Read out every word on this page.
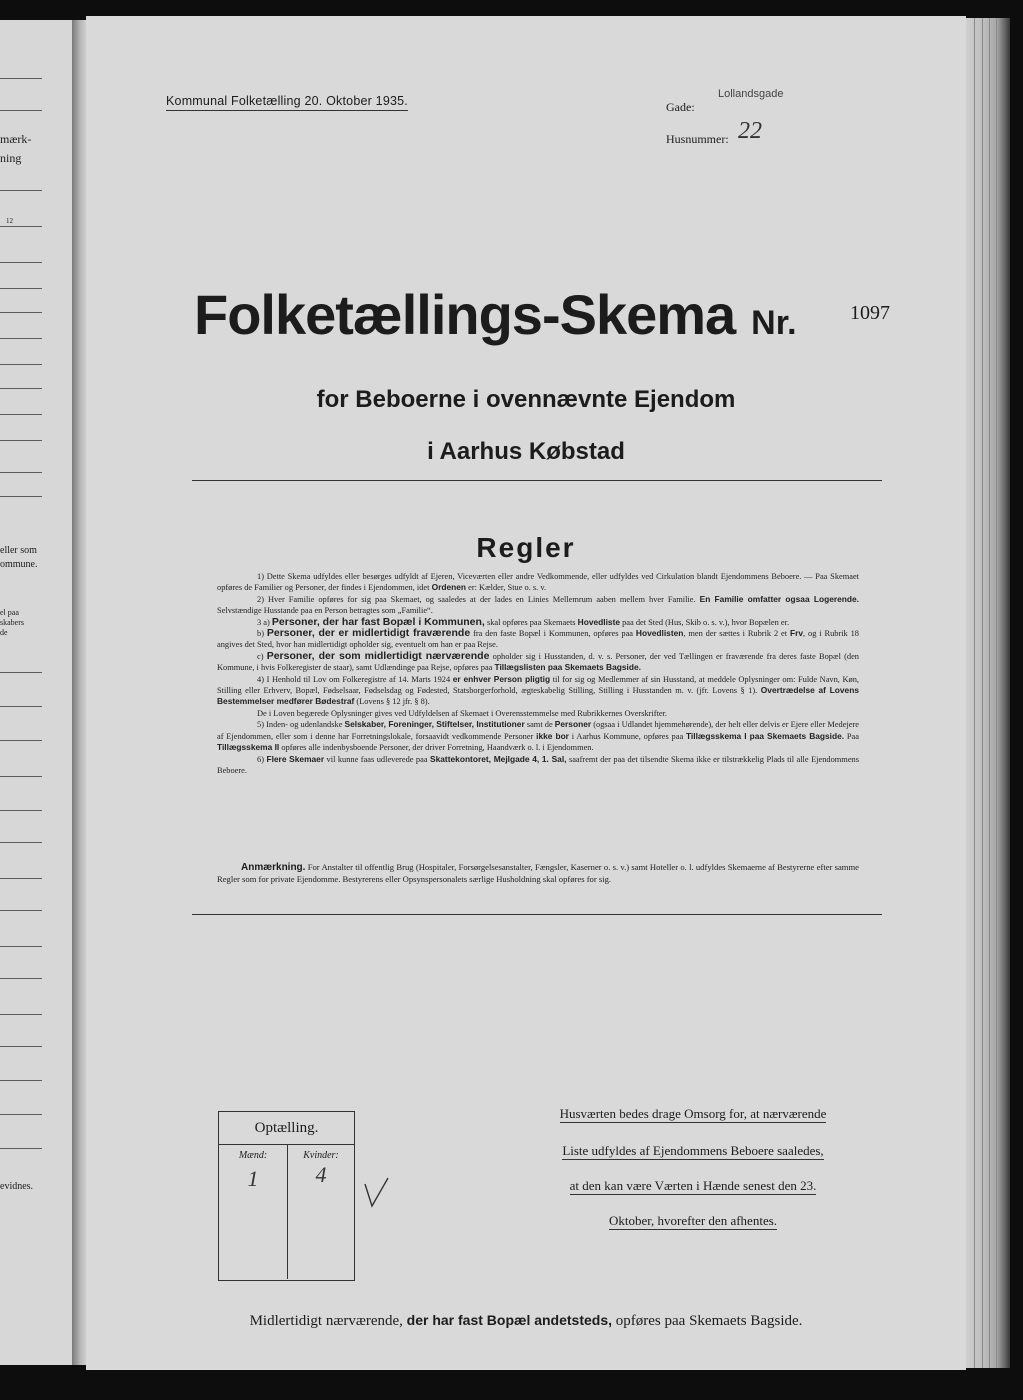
mærk-
ning
12
eller som
ommune.
el paa
skabers
de
evidnes.
Kommunal Folketælling 20. Oktober 1935.	Gade:
Lollandsgade
Husnummer: 22
Folketællings-Skema Nr.	1097
for Beboerne i ovennævnte Ejendom
i Aarhus Købstad
Regler

1) Dette Skema udfyldes eller besørges udfyldt af Ejeren, Viceværten eller andre Vedkommende, eller udfyldes ved Cirkulation blandt Ejendommens Beboere. — Paa Skemaet opføres de Familier og Personer, der findes i Ejendommen, idet Ordenen er: Kælder, Stue o. s. v.

2) Hver Familie opføres for sig paa Skemaet, og saaledes at der lades en Linies Mellemrum aaben mellem hver Familie. En Familie omfatter ogsaa Logerende. Selvstændige Husstande paa en Person betragtes som „Familie“.

3 a) Personer, der har fast Bopæl i Kommunen, skal opføres paa Skemaets Hovedliste paa det Sted (Hus, Skib o. s. v.), hvor Bopælen er.

b) Personer, der er midlertidigt fraværende fra den faste Bopæl i Kommunen, opføres paa Hovedlisten, men der sættes i Rubrik 2 et Frv, og i Rubrik 18 angives det Sted, hvor han midlertidigt opholder sig, eventuelt om han er paa Rejse.

c) Personer, der som midlertidigt nærværende opholder sig i Husstanden, d. v. s. Personer, der ved Tællingen er fraværende fra deres faste Bopæl (den Kommune, i hvis Folkeregister de staar), samt Udlændinge paa Rejse, opføres paa Tillægslisten paa Skemaets Bagside.

4) I Henhold til Lov om Folkeregistre af 14. Marts 1924 er enhver Person pligtig til for sig og Medlemmer af sin Husstand, at meddele Oplysninger om: Fulde Navn, Køn, Stilling eller Erhverv, Bopæl, Fødselsaar, Fødselsdag og Fødested, Statsborgerforhold, ægteskabelig Stilling, Stilling i Husstanden m. v. (jfr. Lovens § 1). Overtrædelse af Lovens Bestemmelser medfører Bødestraf (Lovens § 12 jfr. § 8).

De i Loven begærede Oplysninger gives ved Udfyldelsen af Skemaet i Overensstemmelse med Rubrikkernes Overskrifter.

5) Inden- og udenlandske Selskaber, Foreninger, Stiftelser, Institutioner samt de Personer (ogsaa i Udlandet hjemmehørende), der helt eller delvis er Ejere eller Medejere af Ejendommen, eller som i denne har Forretningslokale, forsaavidt vedkommende Personer ikke bor i Aarhus Kommune, opføres paa Tillægsskema I paa Skemaets Bagside. Paa Tillægsskema II opføres alle indenbysboende Personer, der driver Forretning, Haandværk o. l. i Ejendommen.

6) Flere Skemaer vil kunne faas udleverede paa Skattekontoret, Mejlgade 4, 1. Sal, saafremt der paa det tilsendte Skema ikke er tilstrækkelig Plads til alle Ejendommens Beboere.

Anmærkning. For Anstalter til offentlig Brug (Hospitaler, Forsørgelsesanstalter, Fængsler, Kaserner o. s. v.) samt Hoteller o. l. udfyldes Skemaerne af Bestyrerne efter samme Regler som for private Ejendomme. Bestyrerens eller Opsynspersonalets særlige Husholdning skal opføres for sig.

Optælling.
Mænd:	Kvinder:
1	4
Husværten bedes drage Omsorg for, at nærværende
Liste udfyldes af Ejendommens Beboere saaledes,
at den kan være Værten i Hænde senest den 23.
Oktober, hvorefter den afhentes.
Midlertidigt nærværende, der har fast Bopæl andetsteds, opføres paa Skemaets Bagside.
